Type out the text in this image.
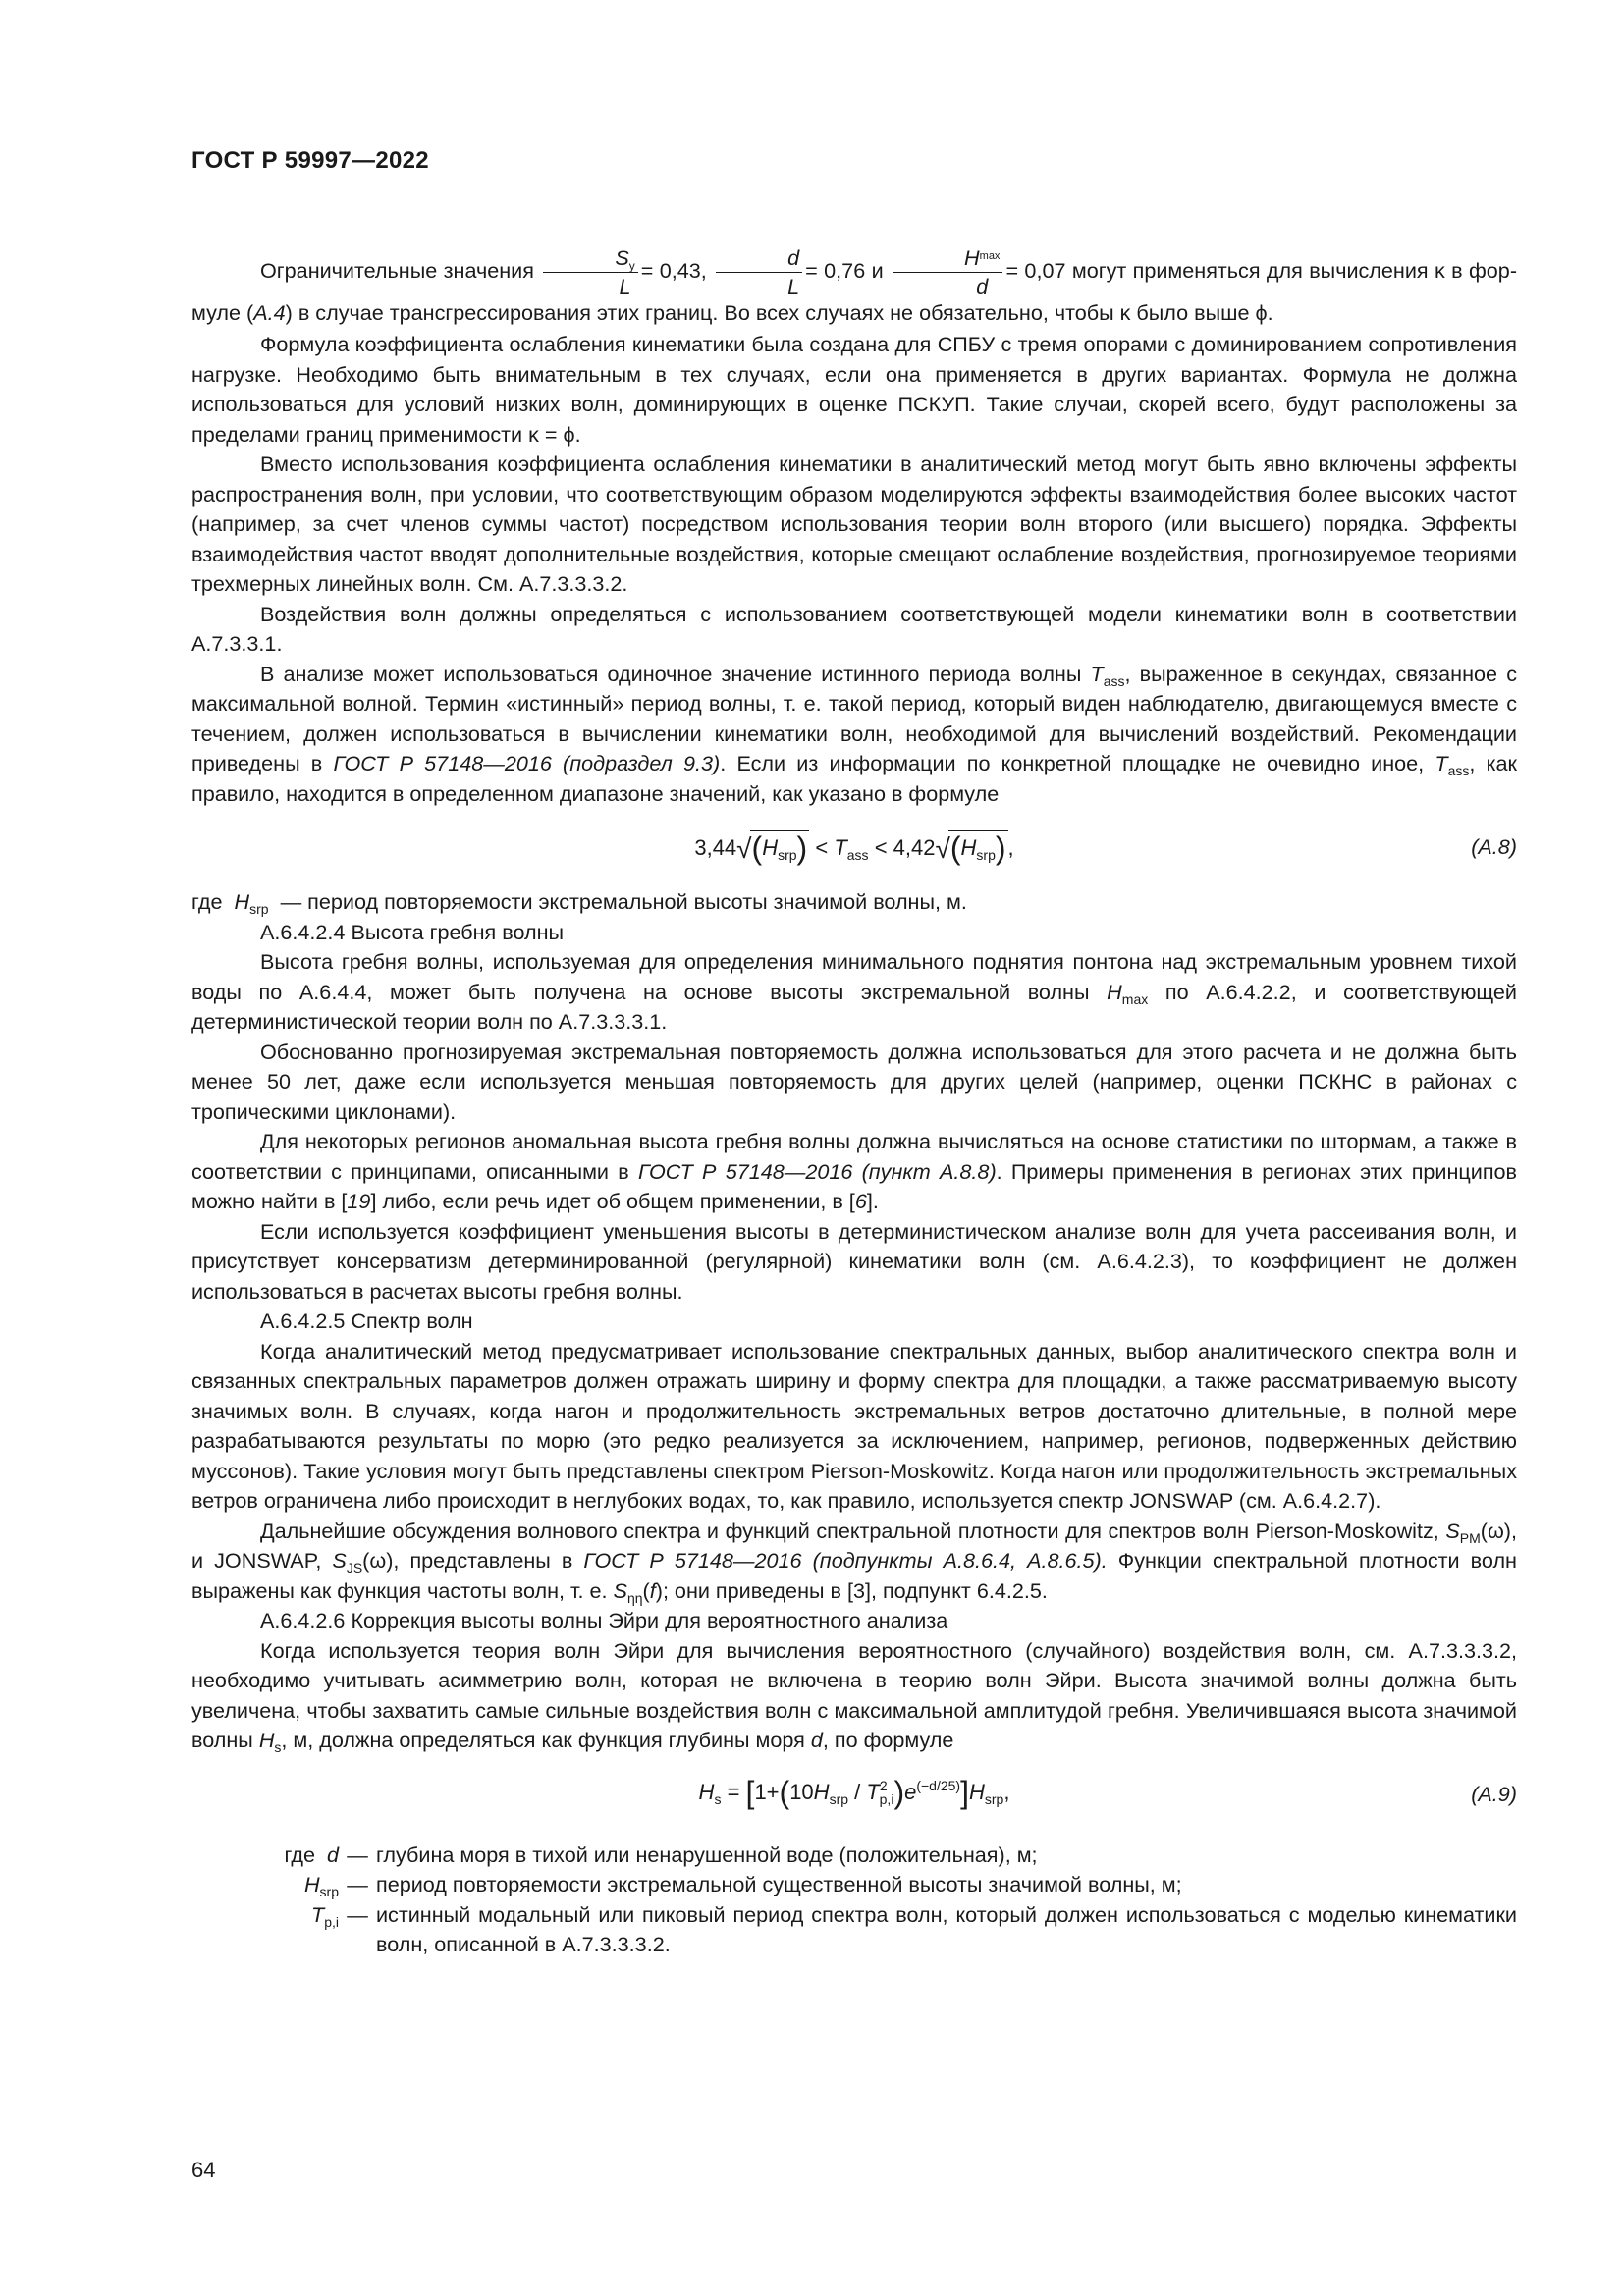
ГОСТ Р 59997—2022

Ограничительные значения $\frac{S_y}{L} = 0,43$, $\frac{d}{L} = 0,76$ и $\frac{H_{max}}{d} = 0,07$ могут применяться для вычисления κ в фор- муле (А.4) в случае трансгрессирования этих границ. Во всех случаях не обязательно, чтобы κ было выше ϕ.

Формула коэффициента ослабления кинематики была создана для СПБУ с тремя опорами с доминированием сопротивления нагрузке. Необходимо быть внимательным в тех случаях, если она применяется в других вариантах. Формула не должна использоваться для условий низких волн, доминирующих в оценке ПСКУП. Такие случаи, скорей всего, будут расположены за пределами границ применимости κ = ϕ.

Вместо использования коэффициента ослабления кинематики в аналитический метод могут быть явно включены эффекты распространения волн, при условии, что соответствующим образом моделируются эффекты взаимодействия более высоких частот (например, за счет членов суммы частот) посредством использования теории волн второго (или высшего) порядка. Эффекты взаимодействия частот вводят дополнительные воздействия, которые смещают ослабление воздействия, прогнозируемое теориями трехмерных линейных волн. См. А.7.3.3.3.2.

Воздействия волн должны определяться с использованием соответствующей модели кинематики волн в соответствии А.7.3.3.1.

В анализе может использоваться одиночное значение истинного периода волны $T_{ass}$, выраженное в секундах, связанное с максимальной волной. Термин «истинный» период волны, т. е. такой период, который виден наблюдателю, двигающемуся вместе с течением, должен использоваться в вычислении кинематики волн, необходимой для вычислений воздействий. Рекомендации приведены в ГОСТ Р 57148—2016 (подраздел 9.3). Если из информации по конкретной площадке не очевидно иное, $T_{ass}$, как правило, находится в определенном диапазоне значений, как указано в формуле

$3,44√(H_{srp}) < T_{ass} < 4,42√(H_{srp})$,	(А.8)
где $H_{srp}$ — период повторяемости экстремальной высоты значимой волны, м.

А.6.4.2.4 Высота гребня волны

Высота гребня волны, используемая для определения минимального поднятия понтона над экстремальным уровнем тихой воды по А.6.4.4, может быть получена на основе высоты экстремальной волны $H_{max}$ по А.6.4.2.2, и соответствующей детерминистической теории волн по А.7.3.3.3.1.

Обоснованно прогнозируемая экстремальная повторяемость должна использоваться для этого расчета и не должна быть менее 50 лет, даже если используется меньшая повторяемость для других целей (например, оценки ПСКНС в районах с тропическими циклонами).

Для некоторых регионов аномальная высота гребня волны должна вычисляться на основе статистики по штормам, а также в соответствии с принципами, описанными в ГОСТ Р 57148—2016 (пункт А.8.8). Примеры применения в регионах этих принципов можно найти в [19] либо, если речь идет об общем применении, в [6].

Если используется коэффициент уменьшения высоты в детерминистическом анализе волн для учета рассеивания волн, и присутствует консерватизм детерминированной (регулярной) кинематики волн (см. А.6.4.2.3), то коэффициент не должен использоваться в расчетах высоты гребня волны.

А.6.4.2.5 Спектр волн

Когда аналитический метод предусматривает использование спектральных данных, выбор аналитического спектра волн и связанных спектральных параметров должен отражать ширину и форму спектра для площадки, а также рассматриваемую высоту значимых волн. В случаях, когда нагон и продолжительность экстремальных ветров достаточно длительные, в полной мере разрабатываются результаты по морю (это редко реализуется за исключением, например, регионов, подверженных действию муссонов). Такие условия могут быть представлены спектром Pierson-Moskowitz. Когда нагон или продолжительность экстремальных ветров ограничена либо происходит в неглубоких водах, то, как правило, используется спектр JONSWAP (см. А.6.4.2.7).

Дальнейшие обсуждения волнового спектра и функций спектральной плотности для спектров волн Pierson-Moskowitz, $S_{PM}(\omega)$, и JONSWAP, $S_{JS}(\omega)$, представлены в ГОСТ Р 57148—2016 (подпункты А.8.6.4, А.8.6.5). Функции спектральной плотности волн выражены как функция частоты волн, т. е. $S_{\eta\eta}(f)$; они приведены в [3], подпункт 6.4.2.5.

А.6.4.2.6 Коррекция высоты волны Эйри для вероятностного анализа

Когда используется теория волн Эйри для вычисления вероятностного (случайного) воздействия волн, см. А.7.3.3.3.2, необходимо учитывать асимметрию волн, которая не включена в теорию волн Эйри. Высота значимой волны должна быть увеличена, чтобы захватить самые сильные воздействия волн с максимальной амплитудой гребня. Увеличившаяся высота значимой волны $H_s$, м, должна определяться как функция глубины моря d, по формуле

$H_s = [1+(10H_{srp} / T^2_{p,i})e^{(-d/25)}]H_{srp}$,	(А.9)
где d — глубина моря в тихой или ненарушенной воде (положительная), м;
$H_{srp}$ — период повторяемости экстремальной существенной высоты значимой волны, м;
$T_{p,i}$ — истинный модальный или пиковый период спектра волн, который должен использоваться с моделью кинематики волн, описанной в А.7.3.3.3.2.
64
